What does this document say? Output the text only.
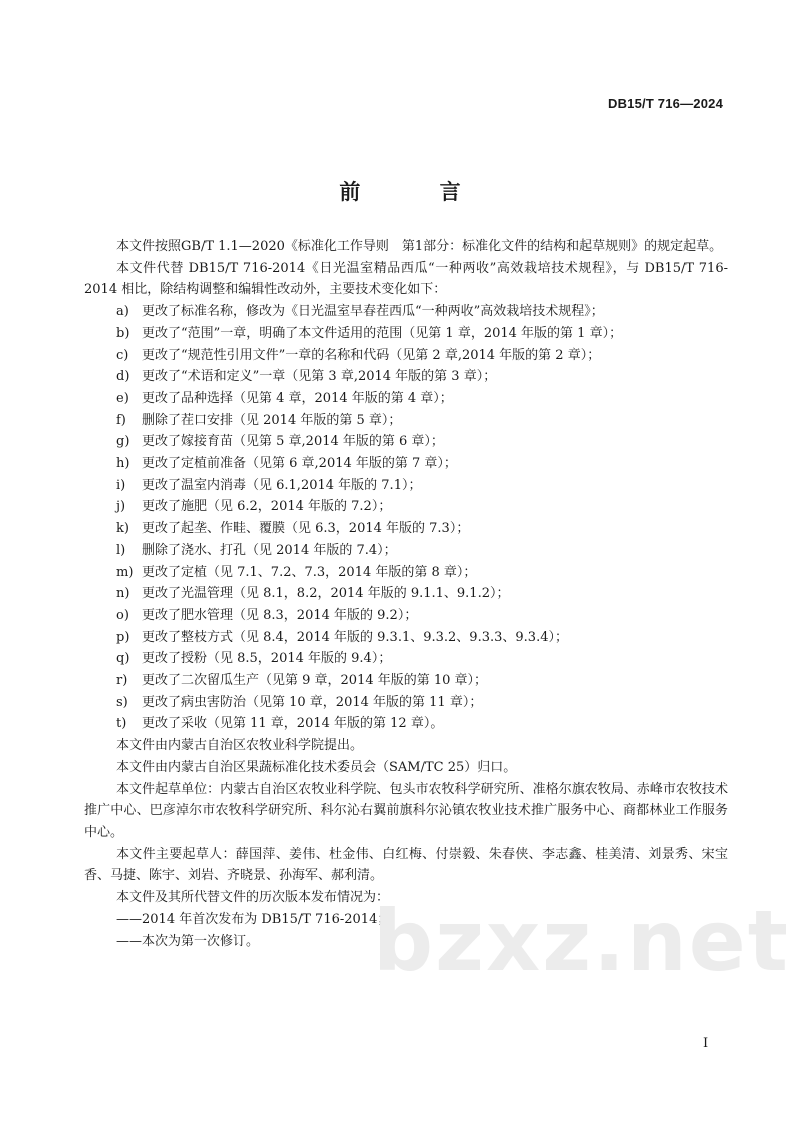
DB15/T 716—2024
前 言

本文件按照GB/T 1.1—2020《标准化工作导则　第1部分：标准化文件的结构和起草规则》的规定起草。

本文件代替 DB15/T 716-2014《日光温室精品西瓜“一种两收”高效栽培技术规程》，与 DB15/T 716-2014 相比，除结构调整和编辑性改动外，主要技术变化如下：

a)	更改了标准名称，修改为《日光温室早春茬西瓜“一种两收”高效栽培技术规程》；
b) 更改了“范围”一章，明确了本文件适用的范围（见第 1 章，2014 年版的第 1 章）；
c)	更改了“规范性引用文件”一章的名称和代码（见第 2 章,2014 年版的第 2 章）；
d) 更改了“术语和定义”一章（见第 3 章,2014 年版的第 3 章）；
e)	更改了品种选择（见第 4 章，2014 年版的第 4 章）；
f)	删除了茬口安排（见 2014 年版的第 5 章）；
g) 更改了嫁接育苗（见第 5 章,2014 年版的第 6 章）；
h) 更改了定植前准备（见第 6 章,2014 年版的第 7 章）；
i)	更改了温室内消毒（见 6.1,2014 年版的 7.1）；
j)	更改了施肥（见 6.2，2014 年版的 7.2）；
k)	更改了起垄、作畦、覆膜（见 6.3，2014 年版的 7.3）；
l)	删除了浇水、打孔（见 2014 年版的 7.4）；
m) 更改了定植（见 7.1、7.2、7.3，2014 年版的第 8 章）；
n) 更改了光温管理（见 8.1，8.2，2014 年版的 9.1.1、9.1.2）；
o)	更改了肥水管理（见 8.3，2014 年版的 9.2）；
p) 更改了整枝方式（见 8.4，2014 年版的 9.3.1、9.3.2、9.3.3、9.3.4）；
q) 更改了授粉（见 8.5，2014 年版的 9.4）；
r)	更改了二次留瓜生产（见第 9 章，2014 年版的第 10 章）；
s)	更改了病虫害防治（见第 10 章，2014 年版的第 11 章）；
t)	更改了采收（见第 11 章，2014 年版的第 12 章）。

本文件由内蒙古自治区农牧业科学院提出。

本文件由内蒙古自治区果蔬标准化技术委员会（SAM/TC 25）归口。

本文件起草单位：内蒙古自治区农牧业科学院、包头市农牧科学研究所、准格尔旗农牧局、赤峰市农牧技术推广中心、巴彦淖尔市农牧科学研究所、科尔沁右翼前旗科尔沁镇农牧业技术推广服务中心、商都林业工作服务中心。

本文件主要起草人：薛国萍、姜伟、杜金伟、白红梅、付崇毅、朱春侠、李志鑫、桂美清、刘景秀、宋宝香、马捷、陈宇、刘岩、齐晓景、孙海军、郝利清。

本文件及其所代替文件的历次版本发布情况为：

——2014 年首次发布为 DB15/T 716-2014；

——本次为第一次修订。	bzxz.net
I
